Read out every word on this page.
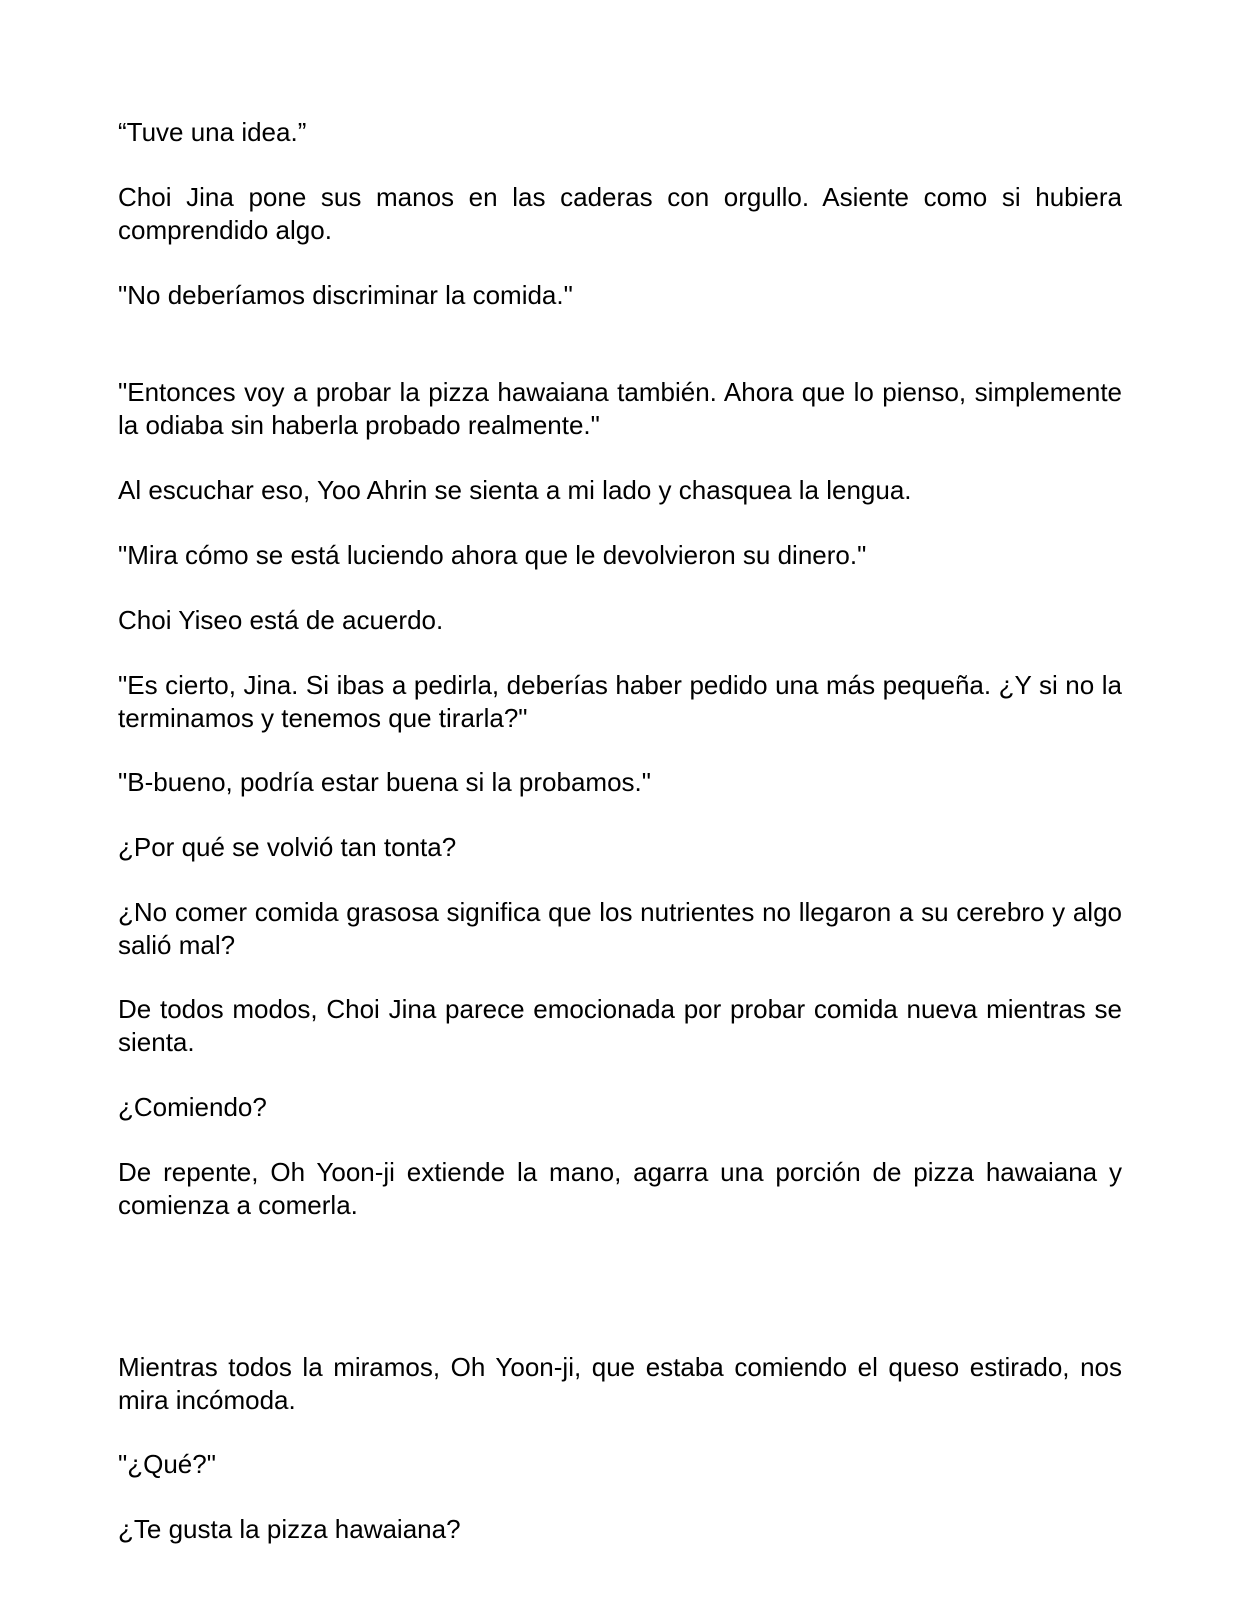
“Tuve una idea.”

Choi Jina pone sus manos en las caderas con orgullo. Asiente como si hubiera comprendido algo.

"No deberíamos discriminar la comida."

"Entonces voy a probar la pizza hawaiana también. Ahora que lo pienso, simplemente la odiaba sin haberla probado realmente."

Al escuchar eso, Yoo Ahrin se sienta a mi lado y chasquea la lengua.

"Mira cómo se está luciendo ahora que le devolvieron su dinero."

Choi Yiseo está de acuerdo.

"Es cierto, Jina. Si ibas a pedirla, deberías haber pedido una más pequeña. ¿Y si no la terminamos y tenemos que tirarla?"

"B-bueno, podría estar buena si la probamos."

¿Por qué se volvió tan tonta?

¿No comer comida grasosa significa que los nutrientes no llegaron a su cerebro y algo salió mal?

De todos modos, Choi Jina parece emocionada por probar comida nueva mientras se sienta.

¿Comiendo?

De repente, Oh Yoon-ji extiende la mano, agarra una porción de pizza hawaiana y comienza a comerla.

Mientras todos la miramos, Oh Yoon-ji, que estaba comiendo el queso estirado, nos mira incómoda.

"¿Qué?"

¿Te gusta la pizza hawaiana?
